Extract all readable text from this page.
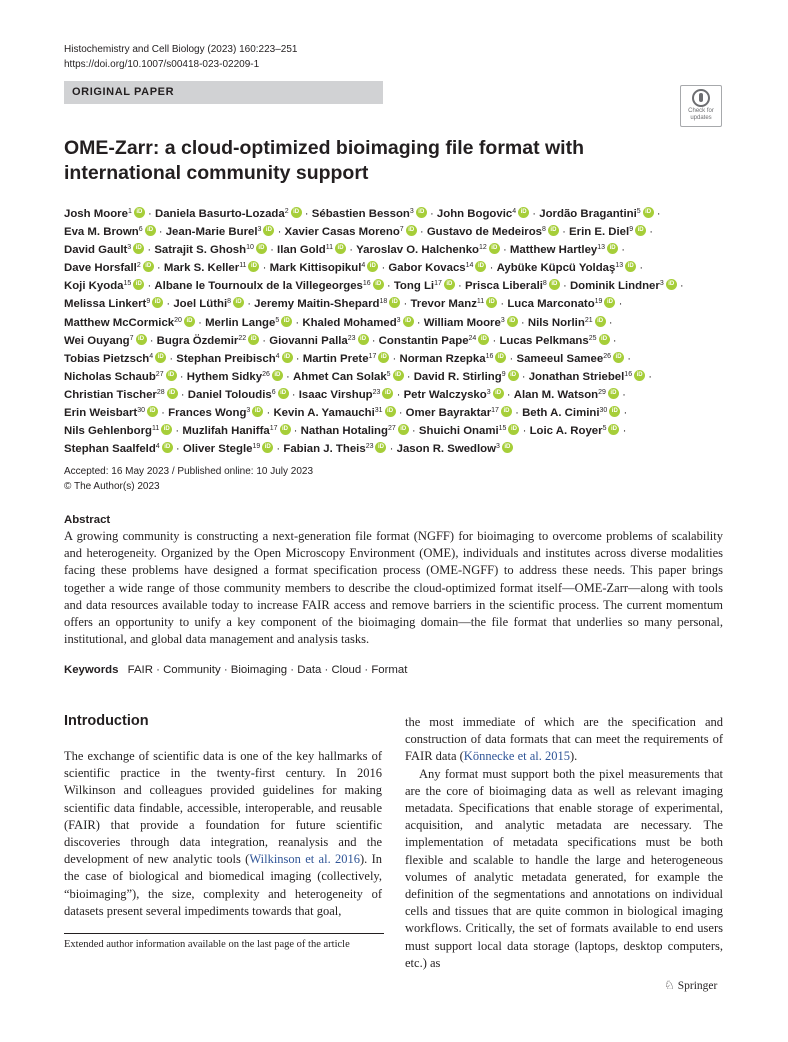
Histochemistry and Cell Biology (2023) 160:223–251
https://doi.org/10.1007/s00418-023-02209-1
ORIGINAL PAPER
Check for
updates
OME-Zarr: a cloud-optimized bioimaging file format with international community support
Josh Moore$^1$iD · Daniela Basurto-Lozada$^2$iD · Sébastien Besson$^3$iD · John Bogovic$^4$iD · Jordão Bragantini$^5$iD ·
Eva M. Brown$^6$iD · Jean-Marie Burel$^3$iD · Xavier Casas Moreno$^7$iD · Gustavo de Medeiros$^8$iD · Erin E. Diel$^9$iD ·
David Gault$^3$iD · Satrajit S. Ghosh$^{10}$iD · Ilan Gold$^{11}$iD · Yaroslav O. Halchenko$^{12}$iD · Matthew Hartley$^{13}$iD ·
Dave Horsfall$^2$iD · Mark S. Keller$^{11}$iD · Mark Kittisopikul$^4$iD · Gabor Kovacs$^{14}$iD · Aybüke Küpcü Yoldaş$^{13}$iD ·
Koji Kyoda$^{15}$iD · Albane le Tournoulx de la Villegeorges$^{16}$iD · Tong $Li^{17}iD$ · Prisca Liberali$^8$iD · Dominik Lindner$^3$iD ·
Melissa Linkert$^9$iD · Joel Lüthi$^8$iD · Jeremy Maitin-Shepard$^{18}$iD · Trevor Manz$^{11}$iD · Luca Marconato$^{19}$iD ·
Matthew McCormick$^{20}$iD · Merlin Lange$^5$iD · Khaled Mohamed$^3$iD · William Moore$^3$iD · Nils Norlin$^{21}$iD ·
Wei Ouyang$^7$iD · Bugra Özdemir$^{22}$iD · Giovanni Palla$^{23}$iD · Constantin Pape$^{24}$iD · Lucas Pelkmans$^{25}$iD ·
Tobias Pietzsch$^4$iD · Stephan Preibisch$^4$iD · Martin Prete$^{17}$iD · Norman Rzepka$^{16}$iD · Sameeul Samee$^{26}$iD ·
Nicholas Schaub$^{27}$iD · Hythem Sidky$^{26}$iD · Ahmet Can Solak$^5$iD · David R. Stirling$^9$iD · Jonathan Striebel$^{16}$iD ·
Christian Tischer$^{28}$iD · Daniel Toloudis$^6$iD · Isaac Virshup$^{23}$iD · Petr Walczysko$^3$iD · Alan M. Watson$^{29}$iD ·
Erin Weisbart$^{30}$iD · Frances Wong$^3$iD · Kevin A. Yamauchi$^{31}$iD · Omer Bayraktar$^{17}$iD · Beth A. Cimini$^{30}$iD ·
Nils Gehlenborg$^{11}$iD · Muzlifah Haniffa$^{17}$iD · Nathan Hotaling$^{27}$iD · Shuichi Onami$^{15}$iD · Loic A. Royer$^5$iD ·
Stephan Saalfeld$^4$iD · Oliver Stegle$^{19}$iD · Fabian J. Theis$^{23}$iD · Jason R. Swedlow$^3$iD
Accepted: 16 May 2023 / Published online: 10 July 2023
© The Author(s) 2023
Abstract
A growing community is constructing a next-generation file format (NGFF) for bioimaging to overcome problems of scalability and heterogeneity. Organized by the Open Microscopy Environment (OME), individuals and institutes across diverse modalities facing these problems have designed a format specification process (OME-NGFF) to address these needs. This paper brings together a wide range of those community members to describe the cloud-optimized format itself—OME-Zarr—along with tools and data resources available today to increase FAIR access and remove barriers in the scientific process. The current momentum offers an opportunity to unify a key component of the bioimaging domain—the file format that underlies so many personal, institutional, and global data management and analysis tasks.
Keywords FAIR · Community · Bioimaging · Data · Cloud · Format
Introduction

The exchange of scientific data is one of the key hallmarks of scientific practice in the twenty-first century. In 2016 Wilkinson and colleagues provided guidelines for making scientific data findable, accessible, interoperable, and reusable (FAIR) that provide a foundation for future scientific discoveries through data integration, reanalysis and the development of new analytic tools (Wilkinson et al. 2016). In the case of biological and biomedical imaging (collectively, “bioimaging”), the size, complexity and heterogeneity of datasets present several impediments towards that goal,

the most immediate of which are the specification and construction of data formats that can meet the requirements of FAIR data (Könnecke et al. 2015).

Any format must support both the pixel measurements that are the core of bioimaging data as well as relevant imaging metadata. Specifications that enable storage of experimental, acquisition, and analytic metadata are necessary. The implementation of metadata specifications must be both flexible and scalable to handle the large and heterogeneous volumes of analytic metadata generated, for example the definition of the segmentations and annotations on individual cells and tissues that are quite common in biological imaging workflows. Critically, the set of formats available to end users must support local data storage (laptops, desktop computers, etc.) as

Extended author information available on the last page of the article
♘ Springer
